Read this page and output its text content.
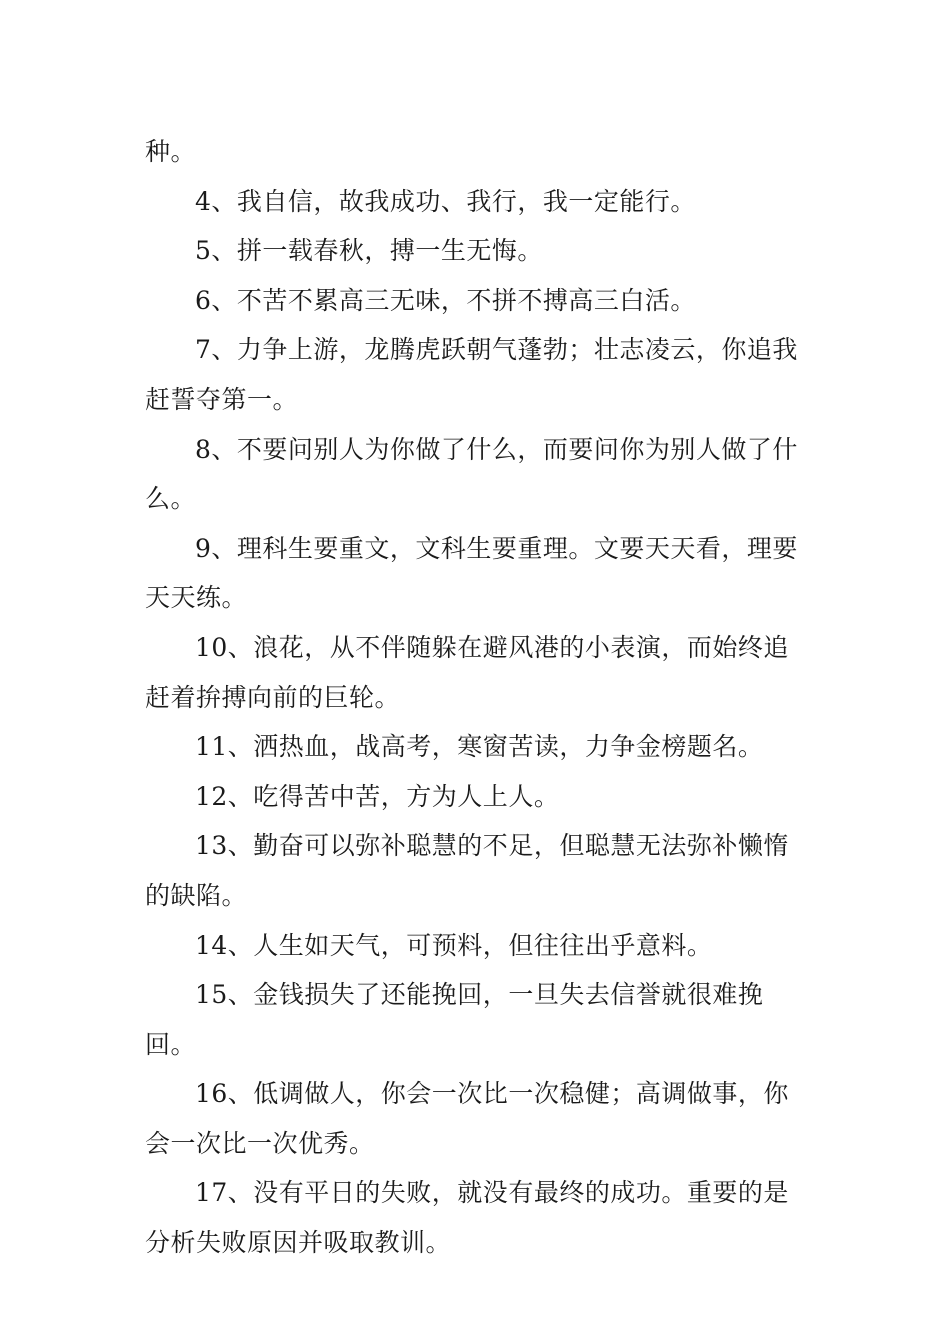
种。

4、我自信，故我成功、我行，我一定能行。

5、拼一载春秋，搏一生无悔。

6、不苦不累高三无味，不拼不搏高三白活。

7、力争上游，龙腾虎跃朝气蓬勃；壮志凌云，你追我赶誓夺第一。

8、不要问别人为你做了什么，而要问你为别人做了什么。

9、理科生要重文，文科生要重理。文要天天看，理要天天练。

10、浪花，从不伴随躲在避风港的小表演，而始终追赶着拚搏向前的巨轮。

11、洒热血，战高考，寒窗苦读，力争金榜题名。

12、吃得苦中苦，方为人上人。

13、勤奋可以弥补聪慧的不足，但聪慧无法弥补懒惰的缺陷。

14、人生如天气，可预料，但往往出乎意料。

15、金钱损失了还能挽回，一旦失去信誉就很难挽回。

16、低调做人，你会一次比一次稳健；高调做事，你会一次比一次优秀。

17、没有平日的失败，就没有最终的成功。重要的是分析失败原因并吸取教训。
